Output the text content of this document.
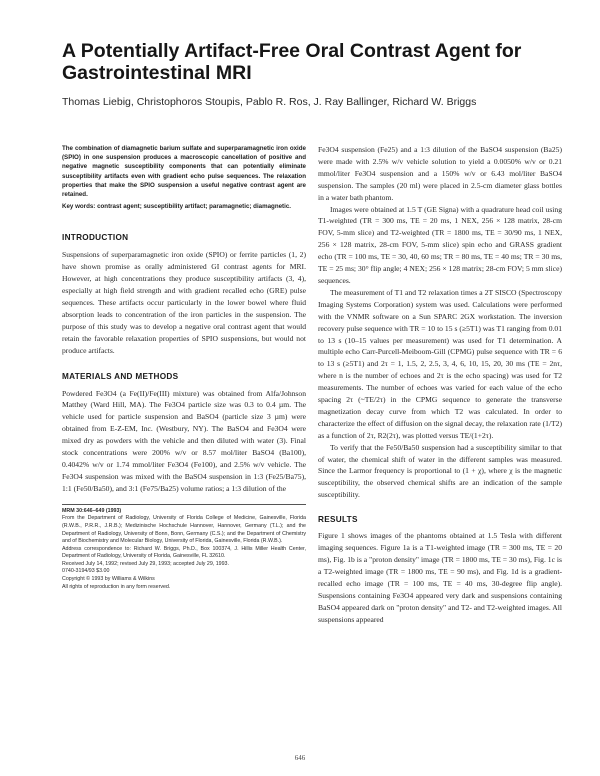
A Potentially Artifact-Free Oral Contrast Agent for Gastrointestinal MRI
Thomas Liebig, Christophoros Stoupis, Pablo R. Ros, J. Ray Ballinger, Richard W. Briggs

The combination of diamagnetic barium sulfate and superparamagnetic iron oxide (SPIO) in one suspension produces a macroscopic cancellation of positive and negative magnetic susceptibility components that can potentially eliminate susceptibility artifacts even with gradient echo pulse sequences. The relaxation properties that make the SPIO suspension a useful negative contrast agent are retained.

Key words: contrast agent; susceptibility artifact; paramagnetic; diamagnetic.

INTRODUCTION

Suspensions of superparamagnetic iron oxide (SPIO) or ferrite particles (1, 2) have shown promise as orally administered GI contrast agents for MRI. However, at high concentrations they produce susceptibility artifacts (3, 4), especially at high field strength and with gradient recalled echo (GRE) pulse sequences. These artifacts occur particularly in the lower bowel where fluid absorption leads to concentration of the iron particles in the suspension. The purpose of this study was to develop a negative oral contrast agent that would retain the favorable relaxation properties of SPIO suspensions, but would not produce artifacts.

MATERIALS AND METHODS

Powdered Fe3O4 (a Fe(II)/Fe(III) mixture) was obtained from Alfa/Johnson Matthey (Ward Hill, MA). The Fe3O4 particle size was 0.3 to 0.4 µm. The vehicle used for particle suspension and BaSO4 (particle size 3 µm) were obtained from E-Z-EM, Inc. (Westbury, NY). The BaSO4 and Fe3O4 were mixed dry as powders with the vehicle and then diluted with water (3). Final stock concentrations were 200% w/v or 8.57 mol/liter BaSO4 (Ba100), 0.4042% w/v or 1.74 mmol/liter Fe3O4 (Fe100), and 2.5% w/v vehicle. The Fe3O4 suspension was mixed with the BaSO4 suspension in 1:3 (Fe25/Ba75), 1:1 (Fe50/Ba50), and 3:1 (Fe75/Ba25) volume ratios; a 1:3 dilution of the

MRM 30:646–649 (1993)

From the Department of Radiology, University of Florida College of Medicine, Gainesville, Florida (R.W.B., P.R.R., J.R.B.); Medizinische Hochschule Hannover, Hannover, Germany (T.L.); and the Department of Radiology, University of Bonn, Bonn, Germany (C.S.); and the Department of Chemistry and of Biochemistry and Molecular Biology, University of Florida, Gainesville, Florida (R.W.B.).

Address correspondence to: Richard W. Briggs, Ph.D., Box 100374, J. Hillis Miller Health Center, Department of Radiology, University of Florida, Gainesville, FL 32610.

Received July 14, 1992; revised July 29, 1993; accepted July 29, 1993.

0740-3194/93 $3.00

Copyright © 1993 by Williams & Wilkins

All rights of reproduction in any form reserved.

Fe3O4 suspension (Fe25) and a 1:3 dilution of the BaSO4 suspension (Ba25) were made with 2.5% w/v vehicle solution to yield a 0.0050% w/v or 0.21 mmol/liter Fe3O4 suspension and a 150% w/v or 6.43 mol/liter BaSO4 suspension. The samples (20 ml) were placed in 2.5-cm diameter glass bottles in a water bath phantom.

Images were obtained at 1.5 T (GE Signa) with a quadrature head coil using T1-weighted (TR = 300 ms, TE = 20 ms, 1 NEX, 256 × 128 matrix, 28-cm FOV, 5-mm slice) and T2-weighted (TR = 1800 ms, TE = 30/90 ms, 1 NEX, 256 × 128 matrix, 28-cm FOV, 5-mm slice) spin echo and GRASS gradient echo (TR = 100 ms, TE = 30, 40, 60 ms; TR = 80 ms, TE = 40 ms; TR = 30 ms, TE = 25 ms; 30° flip angle; 4 NEX; 256 × 128 matrix; 28-cm FOV; 5 mm slice) sequences.

The measurement of T1 and T2 relaxation times a 2T SISCO (Spectroscopy Imaging Systems Corporation) system was used. Calculations were performed with the VNMR software on a Sun SPARC 2GX workstation. The inversion recovery pulse sequence with TR = 10 to 15 s (≥5T1) was T1 ranging from 0.01 to 13 s (10–15 values per measurement) was used for T1 determination. A multiple echo Carr-Purcell-Meiboom-Gill (CPMG) pulse sequence with TR = 6 to 13 s (≥5T1) and 2τ = 1, 1.5, 2, 2.5, 3, 4, 6, 10, 15, 20, 30 ms (TE = 2nτ, where n is the number of echoes and 2τ is the echo spacing) was used for T2 measurements. The number of echoes was varied for each value of the echo spacing 2τ (~TE/2τ) in the CPMG sequence to generate the transverse magnetization decay curve from which T2 was calculated. In order to characterize the effect of diffusion on the signal decay, the relaxation rate (1/T2) as a function of 2τ, R2(2τ), was plotted versus TE/(1+2τ).

To verify that the Fe50/Ba50 suspension had a susceptibility similar to that of water, the chemical shift of water in the different samples was measured. Since the Larmor frequency is proportional to (1 + χ), where χ is the magnetic susceptibility, the observed chemical shifts are an indication of the sample susceptibility.

RESULTS

Figure 1 shows images of the phantoms obtained at 1.5 Tesla with different imaging sequences. Figure 1a is a T1-weighted image (TR = 300 ms, TE = 20 ms), Fig. 1b is a "proton density" image (TR = 1800 ms, TE = 30 ms), Fig. 1c is a T2-weighted image (TR = 1800 ms, TE = 90 ms), and Fig. 1d is a gradient-recalled echo image (TR = 100 ms, TE = 40 ms, 30-degree flip angle). Suspensions containing Fe3O4 appeared very dark and suspensions containing BaSO4 appeared dark on "proton density" and T2- and T2-weighted images. All suspensions appeared

646
